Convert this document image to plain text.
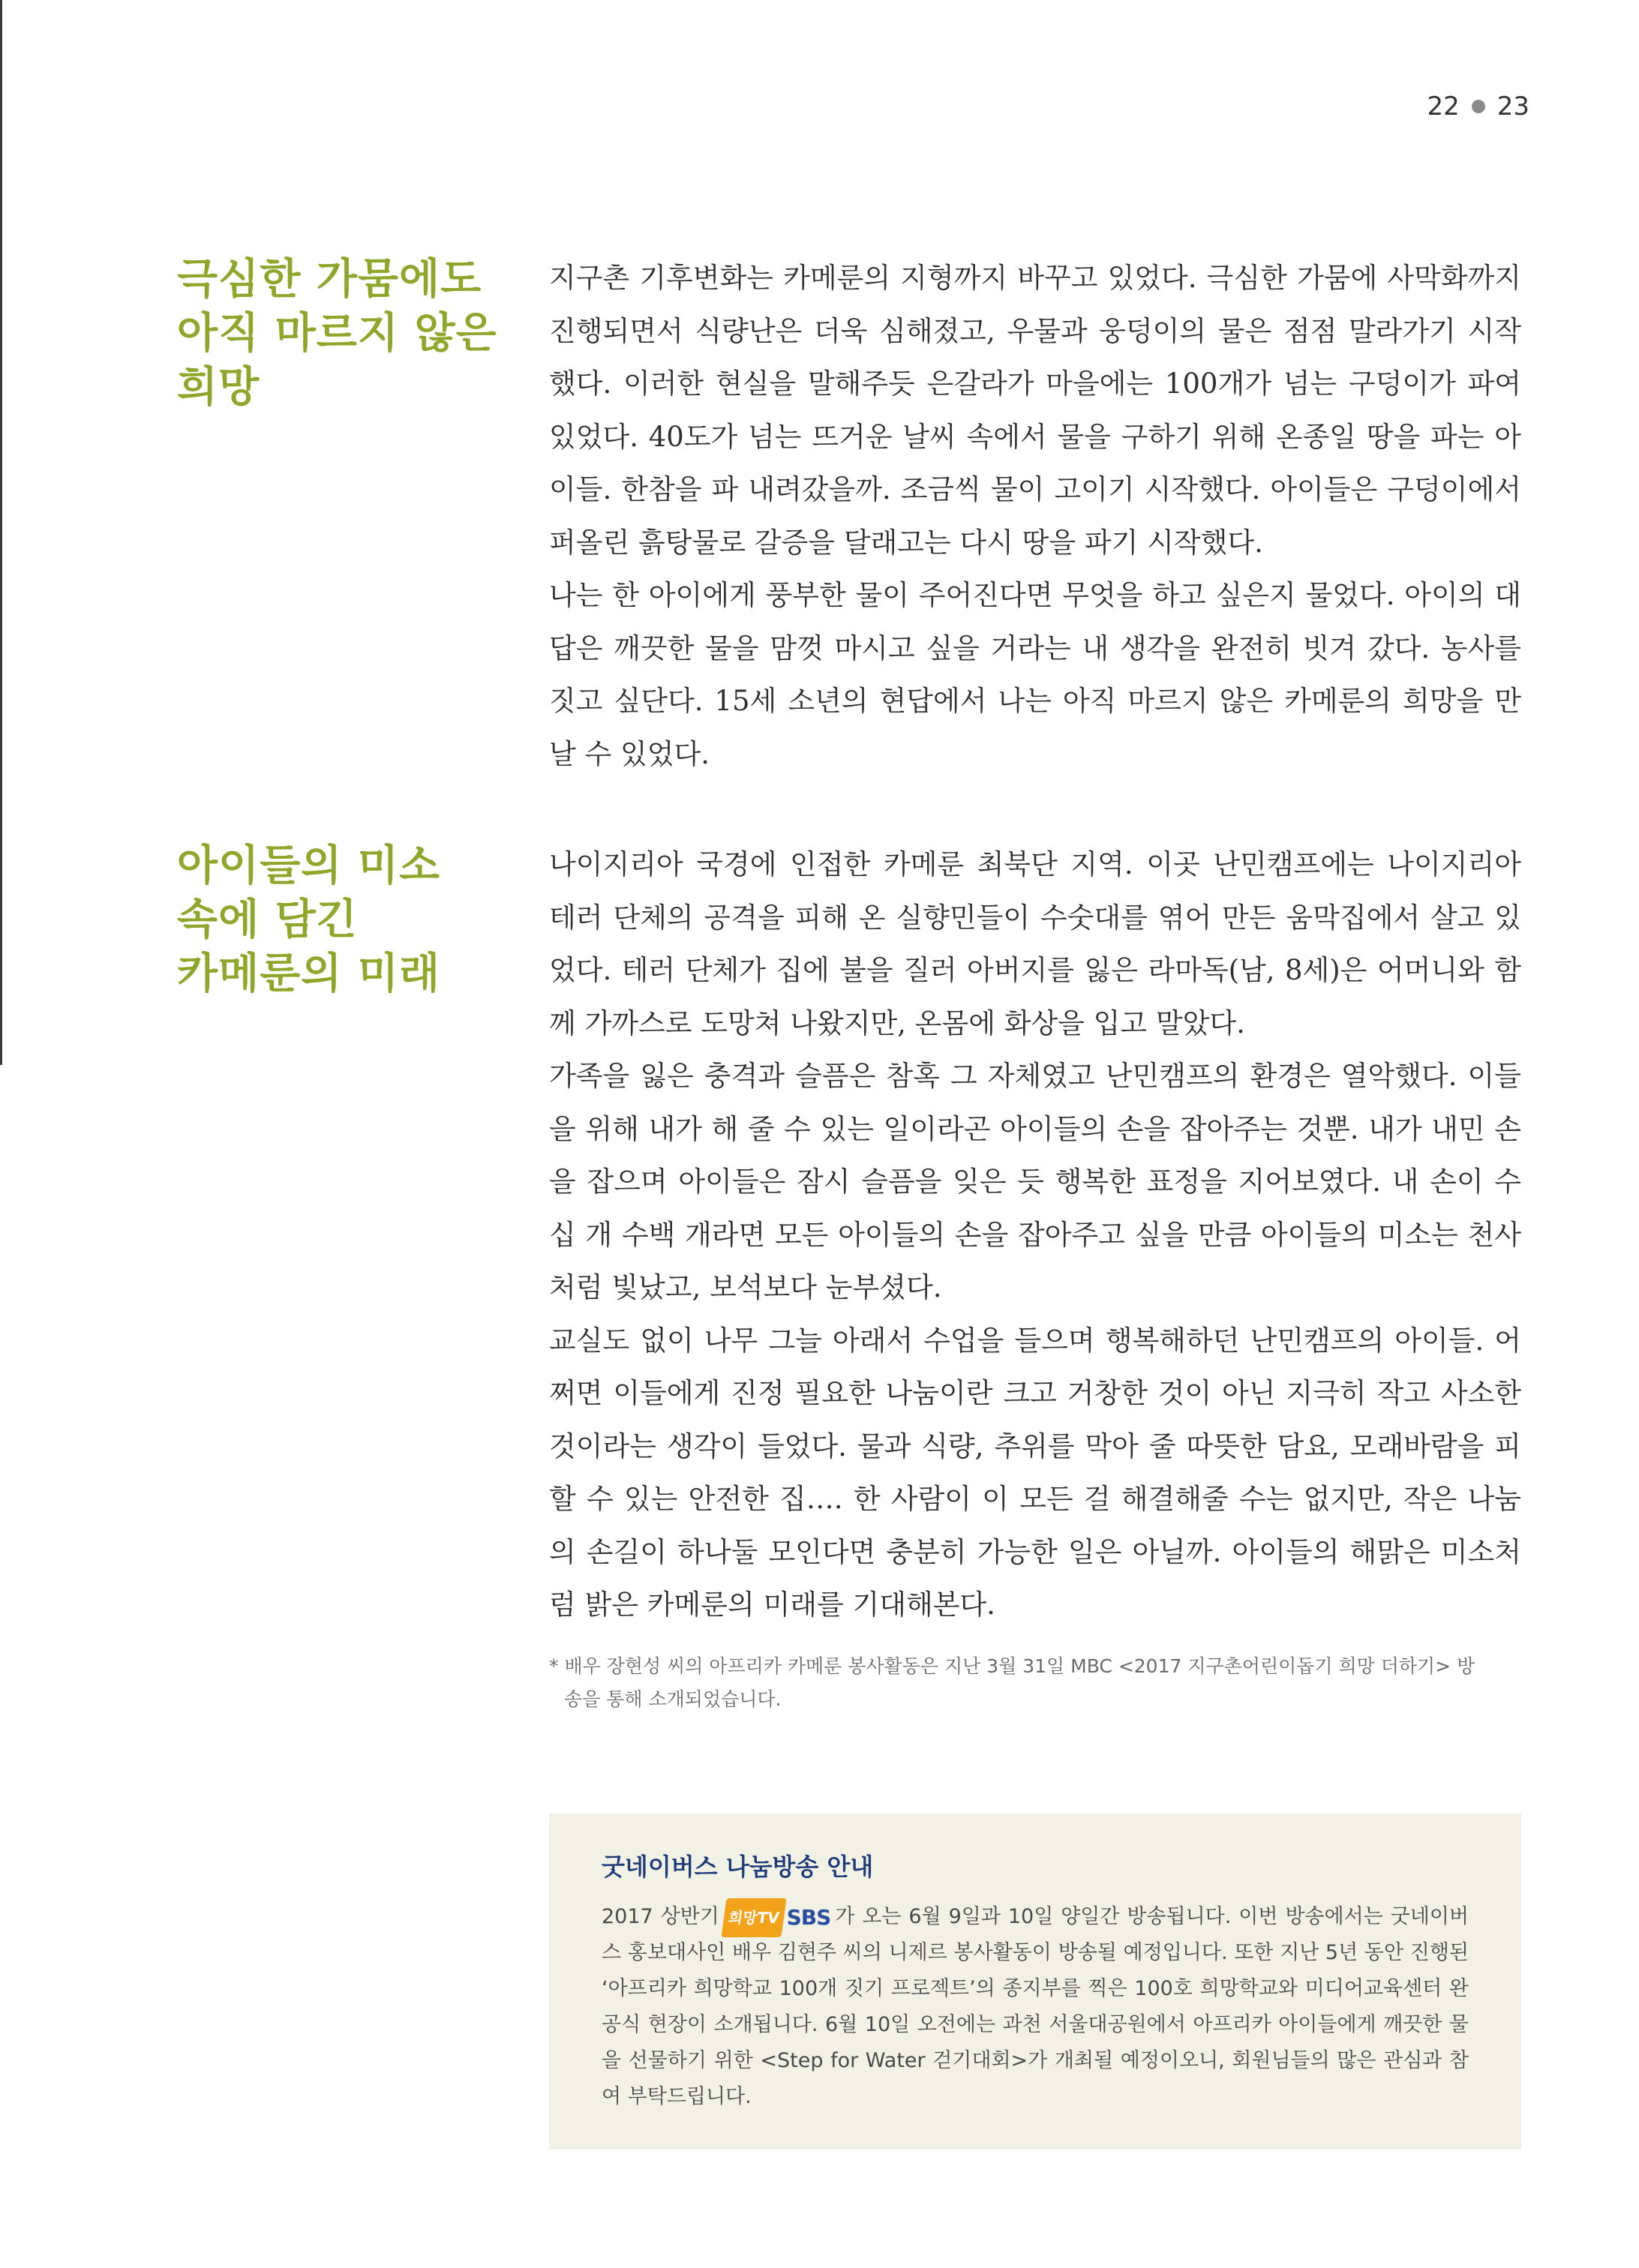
22 23
극심한 가뭄에도
아직 마르지 않은
희망

지구촌 기후변화는 카메룬의 지형까지 바꾸고 있었다. 극심한 가뭄에 사막화까지 진행되면서 식량난은 더욱 심해졌고, 우물과 웅덩이의 물은 점점 말라가기 시작했다. 이러한 현실을 말해주듯 은갈라가 마을에는 100개가 넘는 구덩이가 파여 있었다. 40도가 넘는 뜨거운 날씨 속에서 물을 구하기 위해 온종일 땅을 파는 아이들. 한참을 파 내려갔을까. 조금씩 물이 고이기 시작했다. 아이들은 구덩이에서 퍼올린 흙탕물로 갈증을 달래고는 다시 땅을 파기 시작했다.

나는 한 아이에게 풍부한 물이 주어진다면 무엇을 하고 싶은지 물었다. 아이의 대답은 깨끗한 물을 맘껏 마시고 싶을 거라는 내 생각을 완전히 빗겨 갔다. 농사를 짓고 싶단다. 15세 소년의 현답에서 나는 아직 마르지 않은 카메룬의 희망을 만날 수 있었다.

아이들의 미소
속에 담긴
카메룬의 미래

나이지리아 국경에 인접한 카메룬 최북단 지역. 이곳 난민캠프에는 나이지리아 테러 단체의 공격을 피해 온 실향민들이 수숫대를 엮어 만든 움막집에서 살고 있었다. 테러 단체가 집에 불을 질러 아버지를 잃은 라마독(남, 8세)은 어머니와 함께 가까스로 도망쳐 나왔지만, 온몸에 화상을 입고 말았다.

가족을 잃은 충격과 슬픔은 참혹 그 자체였고 난민캠프의 환경은 열악했다. 이들을 위해 내가 해 줄 수 있는 일이라곤 아이들의 손을 잡아주는 것뿐. 내가 내민 손을 잡으며 아이들은 잠시 슬픔을 잊은 듯 행복한 표정을 지어보였다. 내 손이 수십 개 수백 개라면 모든 아이들의 손을 잡아주고 싶을 만큼 아이들의 미소는 천사처럼 빛났고, 보석보다 눈부셨다.

교실도 없이 나무 그늘 아래서 수업을 들으며 행복해하던 난민캠프의 아이들. 어쩌면 이들에게 진정 필요한 나눔이란 크고 거창한 것이 아닌 지극히 작고 사소한 것이라는 생각이 들었다. 물과 식량, 추위를 막아 줄 따뜻한 담요, 모래바람을 피할 수 있는 안전한 집…. 한 사람이 이 모든 걸 해결해줄 수는 없지만, 작은 나눔의 손길이 하나둘 모인다면 충분히 가능한 일은 아닐까. 아이들의 해맑은 미소처럼 밝은 카메룬의 미래를 기대해본다.

* 배우 장현성 씨의 아프리카 카메룬 봉사활동은 지난 3월 31일 MBC <2017 지구촌어린이돕기 희망 더하기> 방
송을 통해 소개되었습니다.
굿네이버스 나눔방송 안내
2017 상반기 희망TV SBS 가 오는 6월 9일과 10일 양일간 방송됩니다. 이번 방송에서는 굿네이버스 홍보대사인 배우 김현주 씨의 니제르 봉사활동이 방송될 예정입니다. 또한 지난 5년 동안 진행된 ‘아프리카 희망학교 100개 짓기 프로젝트’의 종지부를 찍은 100호 희망학교와 미디어교육센터 완공식 현장이 소개됩니다. 6월 10일 오전에는 과천 서울대공원에서 아프리카 아이들에게 깨끗한 물을 선물하기 위한 <Step for Water 걷기대회>가 개최될 예정이오니, 회원님들의 많은 관심과 참여 부탁드립니다.
